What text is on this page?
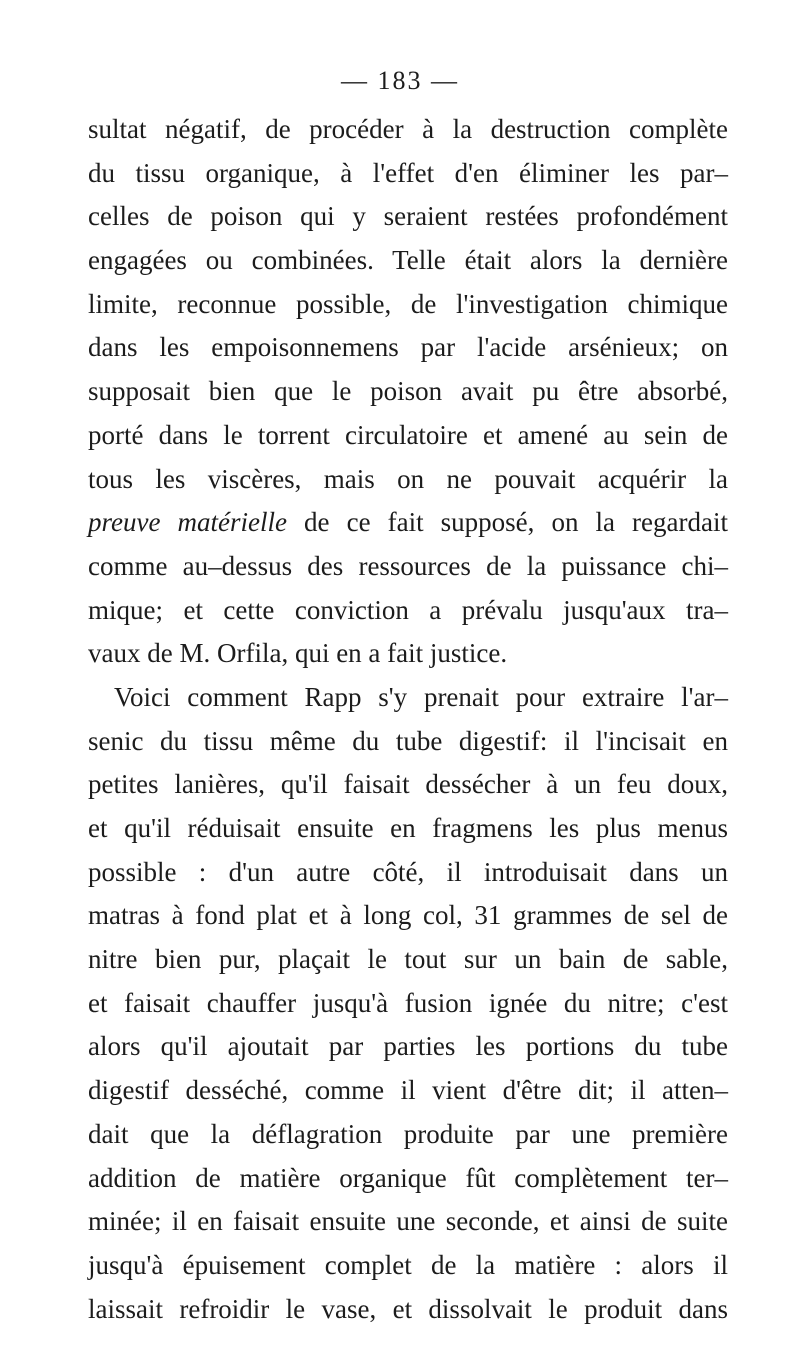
— 183 —
sultat négatif, de procéder à la destruction complète
du tissu organique, à l'effet d'en éliminer les par–
celles de poison qui y seraient restées profondément
engagées ou combinées. Telle était alors la dernière
limite, reconnue possible, de l'investigation chimique
dans les empoisonnemens par l'acide arsénieux; on
supposait bien que le poison avait pu être absorbé,
porté dans le torrent circulatoire et amené au sein de
tous les viscères, mais on ne pouvait acquérir la
preuve matérielle de ce fait supposé, on la regardait
comme au–dessus des ressources de la puissance chi–
mique; et cette conviction a prévalu jusqu'aux tra–
vaux de M. Orfila, qui en a fait justice.
Voici comment Rapp s'y prenait pour extraire l'ar–
senic du tissu même du tube digestif: il l'incisait en
petites lanières, qu'il faisait dessécher à un feu doux,
et qu'il réduisait ensuite en fragmens les plus menus
possible : d'un autre côté, il introduisait dans un
matras à fond plat et à long col, 31 grammes de sel de
nitre bien pur, plaçait le tout sur un bain de sable,
et faisait chauffer jusqu'à fusion ignée du nitre; c'est
alors qu'il ajoutait par parties les portions du tube
digestif desséché, comme il vient d'être dit; il atten–
dait que la déflagration produite par une première
addition de matière organique fût complètement ter–
minée; il en faisait ensuite une seconde, et ainsi de suite
jusqu'à épuisement complet de la matière : alors il
laissait refroidir le vase, et dissolvait le produit dans
